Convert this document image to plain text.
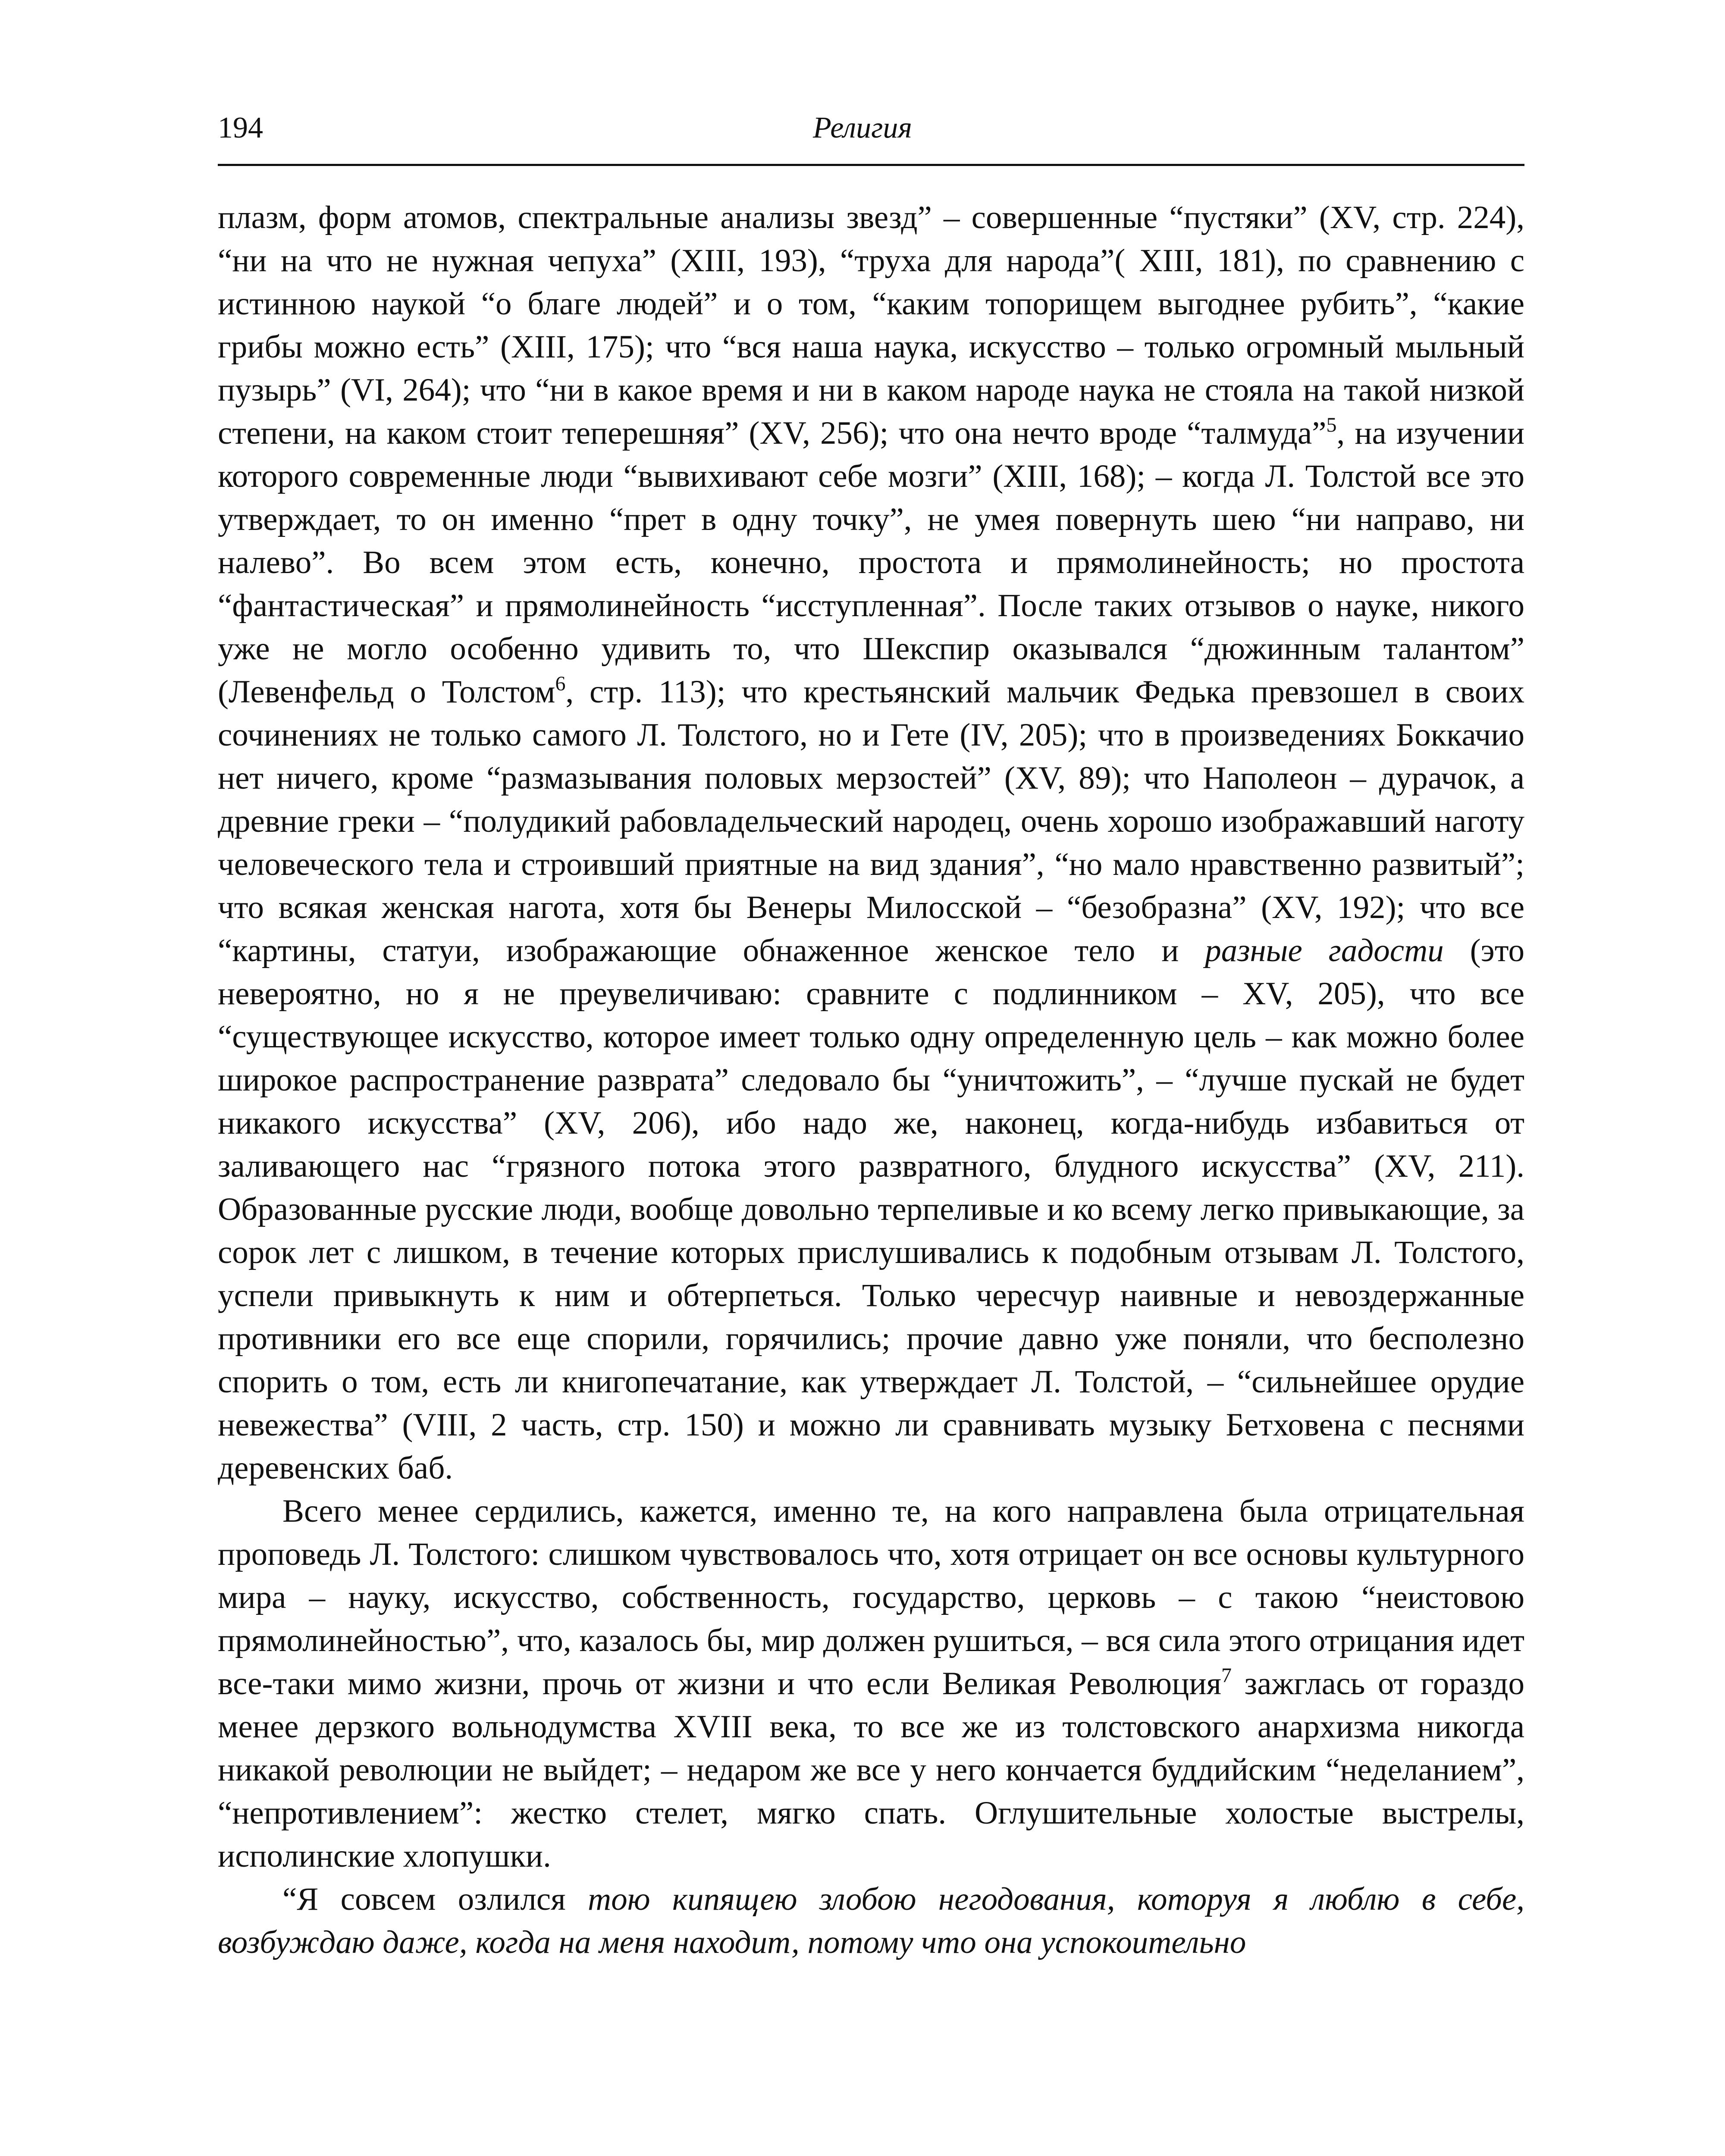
194	Религия

плазм, форм атомов, спектральные анализы звезд” – совершенные “пустяки” (XV, стр. 224), “ни на что не нужная чепуха” (XIII, 193), “труха для народа”( XIII, 181), по сравнению с истинною наукой “о благе людей” и о том, “каким топорищем выгоднее рубить”, “какие грибы можно есть” (XIII, 175); что “вся наша наука, искусство – только огромный мыльный пузырь” (VI, 264); что “ни в какое время и ни в каком народе наука не стояла на такой низкой степени, на каком стоит теперешняя” (XV, 256); что она нечто вроде “талмуда”$^5$, на изучении которого современные люди “вывихивают себе мозги” (XIII, 168); – когда Л. Толстой все это утверждает, то он именно “прет в одну точку”, не умея повернуть шею “ни направо, ни налево”. Во всем этом есть, конечно, простота и прямолинейность; но простота “фантастическая” и прямолинейность “исступленная”. После таких отзывов о науке, никого уже не могло особенно удивить то, что Шекспир оказывался “дюжинным талантом” (Левенфельд о Толстом$^6$, стр. 113); что крестьянский мальчик Федька превзошел в своих сочинениях не только самого Л. Толстого, но и Гете (IV, 205); что в произведениях Боккачио нет ничего, кроме “размазывания половых мерзостей” (XV, 89); что Наполеон – дурачок, а древние греки – “полудикий рабовладельческий народец, очень хорошо изображавший наготу человеческого тела и строивший приятные на вид здания”, “но мало нравственно развитый”; что всякая женская нагота, хотя бы Венеры Милосской – “безобразна” (XV, 192); что все “картины, статуи, изображающие обнаженное женское тело и разные гадости (это невероятно, но я не преувеличиваю: сравните с подлинником – XV, 205), что все “существующее искусство, которое имеет только одну определенную цель – как можно более широкое распространение разврата” следовало бы “уничтожить”, – “лучше пускай не будет никакого искусства” (XV, 206), ибо надо же, наконец, когда-нибудь избавиться от заливающего нас “грязного потока этого развратного, блудного искусства” (XV, 211). Образованные русские люди, вообще довольно терпеливые и ко всему легко привыкающие, за сорок лет с лишком, в течение которых прислушивались к подобным отзывам Л. Толстого, успели привыкнуть к ним и обтерпеться. Только чересчур наивные и невоздержанные противники его все еще спорили, горячились; прочие давно уже поняли, что бесполезно спорить о том, есть ли книгопечатание, как утверждает Л. Толстой, – “сильнейшее орудие невежества” (VIII, 2 часть, стр. 150) и можно ли сравнивать музыку Бетховена с песнями деревенских баб.

Всего менее сердились, кажется, именно те, на кого направлена была отрицательная проповедь Л. Толстого: слишком чувствовалось что, хотя отрицает он все основы культурного мира – науку, искусство, собственность, государство, церковь – с такою “неистовою прямолинейностью”, что, казалось бы, мир должен рушиться, – вся сила этого отрицания идет все-таки мимо жизни, прочь от жизни и что если Великая Революция$^7$ зажглась от гораздо менее дерзкого вольнодумства XVIII века, то все же из толстовского анархизма никогда никакой революции не выйдет; – недаром же все у него кончается буддийским “неделанием”, “непротивлением”: жестко стелет, мягко спать. Оглушительные холостые выстрелы, исполинские хлопушки.

“Я совсем озлился тою кипящею злобою негодования, которуя я люблю в себе, возбуждаю даже, когда на меня находит, потому что она успокоительно
